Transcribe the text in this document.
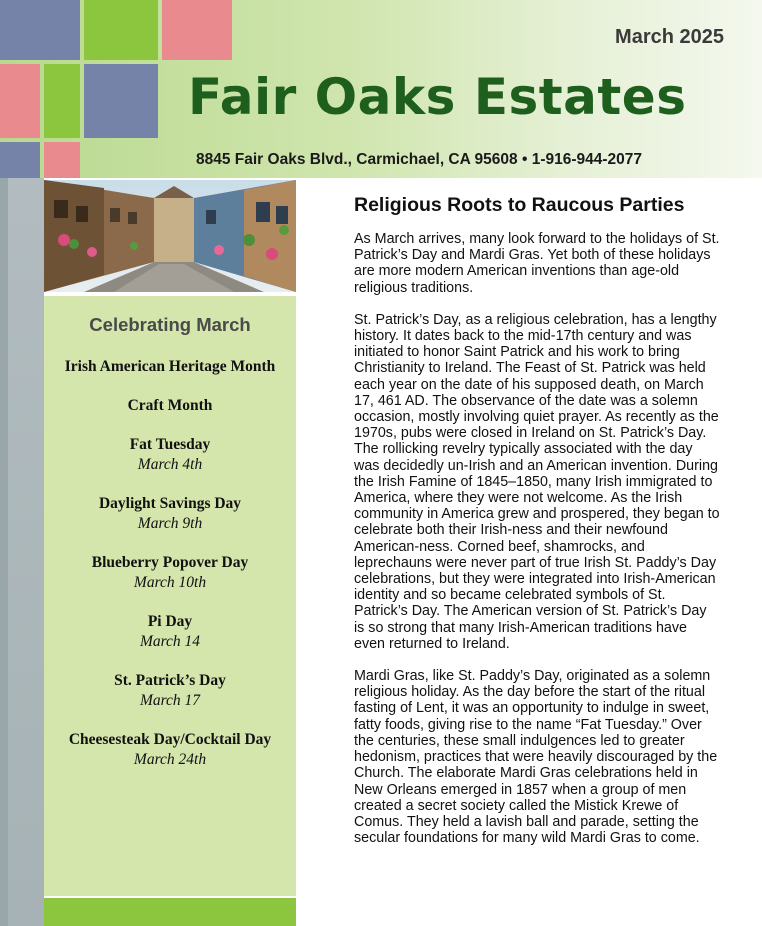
March 2025
Fair Oaks Estates
8845 Fair Oaks Blvd., Carmichael, CA 95608 • 1-916-944-2077
Celebrating March
Irish American Heritage Month
Craft Month
Fat Tuesday
March 4th
Daylight Savings Day
March 9th
Blueberry Popover Day
March 10th
Pi Day
March 14
St. Patrick’s Day
March 17
Cheesesteak Day/Cocktail Day
March 24th
Religious Roots to Raucous Parties

As March arrives, many look forward to the holidays of St. Patrick’s Day and Mardi Gras. Yet both of these holidays are more modern American inventions than age-old religious traditions.

St. Patrick’s Day, as a religious celebration, has a lengthy history. It dates back to the mid-17th century and was initiated to honor Saint Patrick and his work to bring Christianity to Ireland. The Feast of St. Patrick was held each year on the date of his supposed death, on March 17, 461 AD. The observance of the date was a solemn occasion, mostly involving quiet prayer. As recently as the 1970s, pubs were closed in Ireland on St. Patrick’s Day. The rollicking revelry typically associated with the day was decidedly un-Irish and an American invention. During the Irish Famine of 1845–1850, many Irish immigrated to America, where they were not welcome. As the Irish community in America grew and prospered, they began to celebrate both their Irish-ness and their newfound American-ness. Corned beef, shamrocks, and leprechauns were never part of true Irish St. Paddy’s Day celebrations, but they were integrated into Irish-American identity and so became celebrated symbols of St. Patrick’s Day. The American version of St. Patrick’s Day is so strong that many Irish-American traditions have even returned to Ireland.

Mardi Gras, like St. Paddy’s Day, originated as a solemn religious holiday. As the day before the start of the ritual fasting of Lent, it was an opportunity to indulge in sweet, fatty foods, giving rise to the name “Fat Tuesday.” Over the centuries, these small indulgences led to greater hedonism, practices that were heavily discouraged by the Church. The elaborate Mardi Gras celebrations held in New Orleans emerged in 1857 when a group of men created a secret society called the Mistick Krewe of Comus. They held a lavish ball and parade, setting the secular foundations for many wild Mardi Gras to come.
